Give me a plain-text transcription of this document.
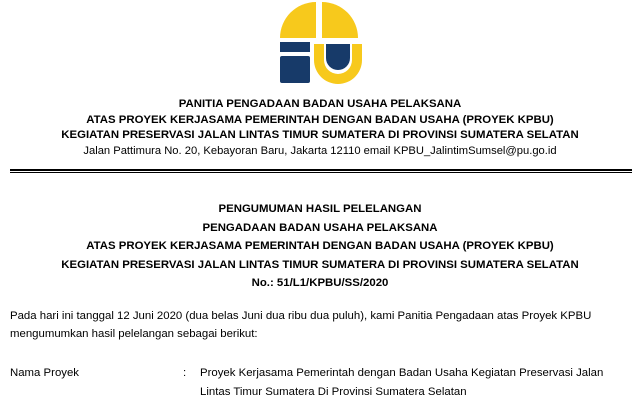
PANITIA PENGADAAN BADAN USAHA PELAKSANA
ATAS PROYEK KERJASAMA PEMERINTAH DENGAN BADAN USAHA (PROYEK KPBU)
KEGIATAN PRESERVASI JALAN LINTAS TIMUR SUMATERA DI PROVINSI SUMATERA SELATAN
Jalan Pattimura No. 20, Kebayoran Baru, Jakarta 12110 email KPBU_JalintimSumsel@pu.go.id
PENGUMUMAN HASIL PELELANGAN
PENGADAAN BADAN USAHA PELAKSANA
ATAS PROYEK KERJASAMA PEMERINTAH DENGAN BADAN USAHA (PROYEK KPBU)
KEGIATAN PRESERVASI JALAN LINTAS TIMUR SUMATERA DI PROVINSI SUMATERA SELATAN
No.: 51/L1/KPBU/SS/2020
Pada hari ini tanggal 12 Juni 2020 (dua belas Juni dua ribu dua puluh), kami Panitia Pengadaan atas Proyek KPBU
mengumumkan hasil pelelangan sebagai berikut:
Nama Proyek	: Proyek Kerjasama Pemerintah dengan Badan Usaha Kegiatan Preservasi Jalan
Lintas Timur Sumatera Di Provinsi Sumatera Selatan
